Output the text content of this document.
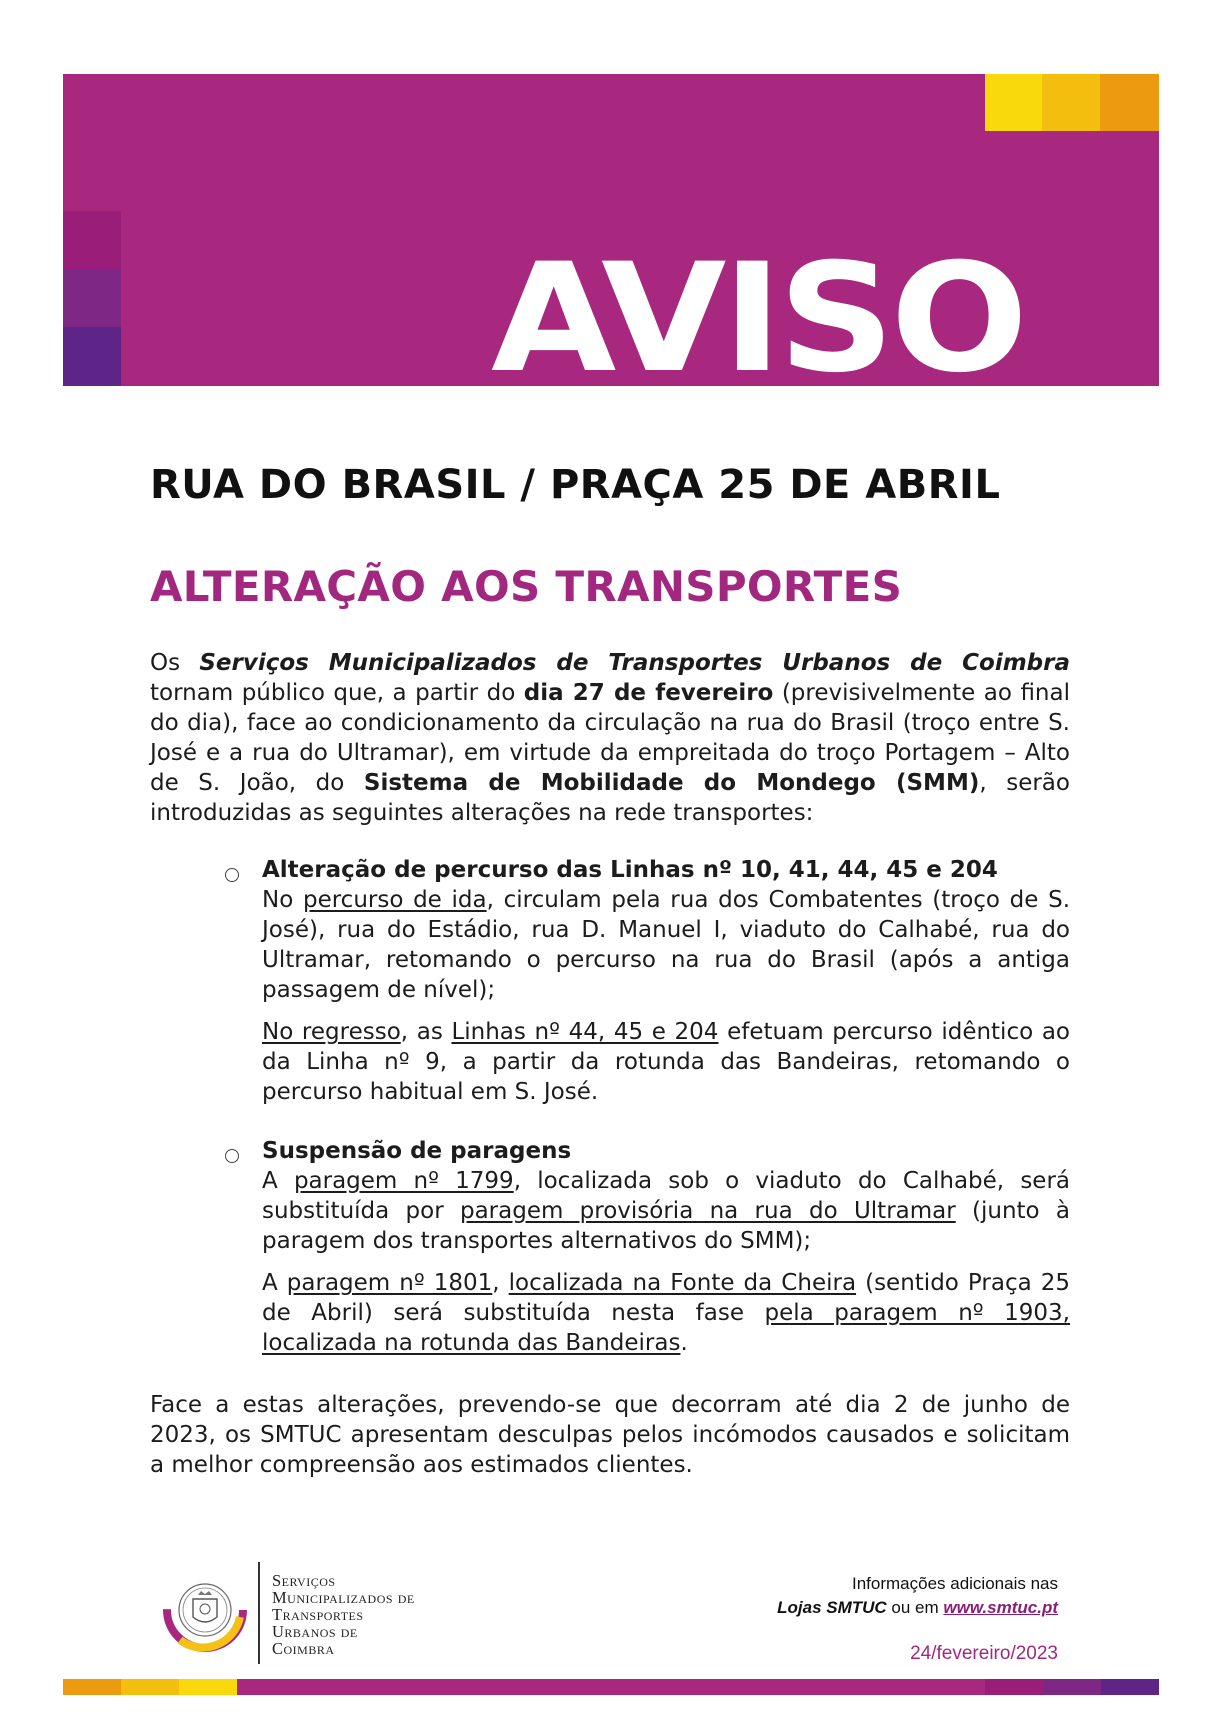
AVISO
RUA DO BRASIL / PRAÇA 25 DE ABRIL
ALTERAÇÃO AOS TRANSPORTES

Os Serviços Municipalizados de Transportes Urbanos de Coimbra tornam público que, a partir do dia 27 de fevereiro (previsivelmente ao final do dia), face ao condicionamento da circulação na rua do Brasil (troço entre S. José e a rua do Ultramar), em virtude da empreitada do troço Portagem – Alto de S. João, do Sistema de Mobilidade do Mondego (SMM), serão introduzidas as seguintes alterações na rede transportes:

Alteração de percurso das Linhas nº 10, 41, 44, 45 e 204

No percurso de ida, circulam pela rua dos Combatentes (troço de S. José), rua do Estádio, rua D. Manuel I, viaduto do Calhabé, rua do Ultramar, retomando o percurso na rua do Brasil (após a antiga passagem de nível);

No regresso, as Linhas nº 44, 45 e 204 efetuam percurso idêntico ao da Linha nº 9, a partir da rotunda das Bandeiras, retomando o percurso habitual em S. José.

Suspensão de paragens

A paragem nº 1799, localizada sob o viaduto do Calhabé, será substituída por paragem provisória na rua do Ultramar (junto à paragem dos transportes alternativos do SMM);

A paragem nº 1801, localizada na Fonte da Cheira (sentido Praça 25 de Abril) será substituída nesta fase pela paragem nº 1903, localizada na rotunda das Bandeiras.

Face a estas alterações, prevendo-se que decorram até dia 2 de junho de 2023, os SMTUC apresentam desculpas pelos incómodos causados e solicitam a melhor compreensão aos estimados clientes.

Serviços
Municipalizados de
Transportes
Urbanos de
Coimbra
Informações adicionais nas
Lojas SMTUC ou em www.smtuc.pt
24/fevereiro/2023
